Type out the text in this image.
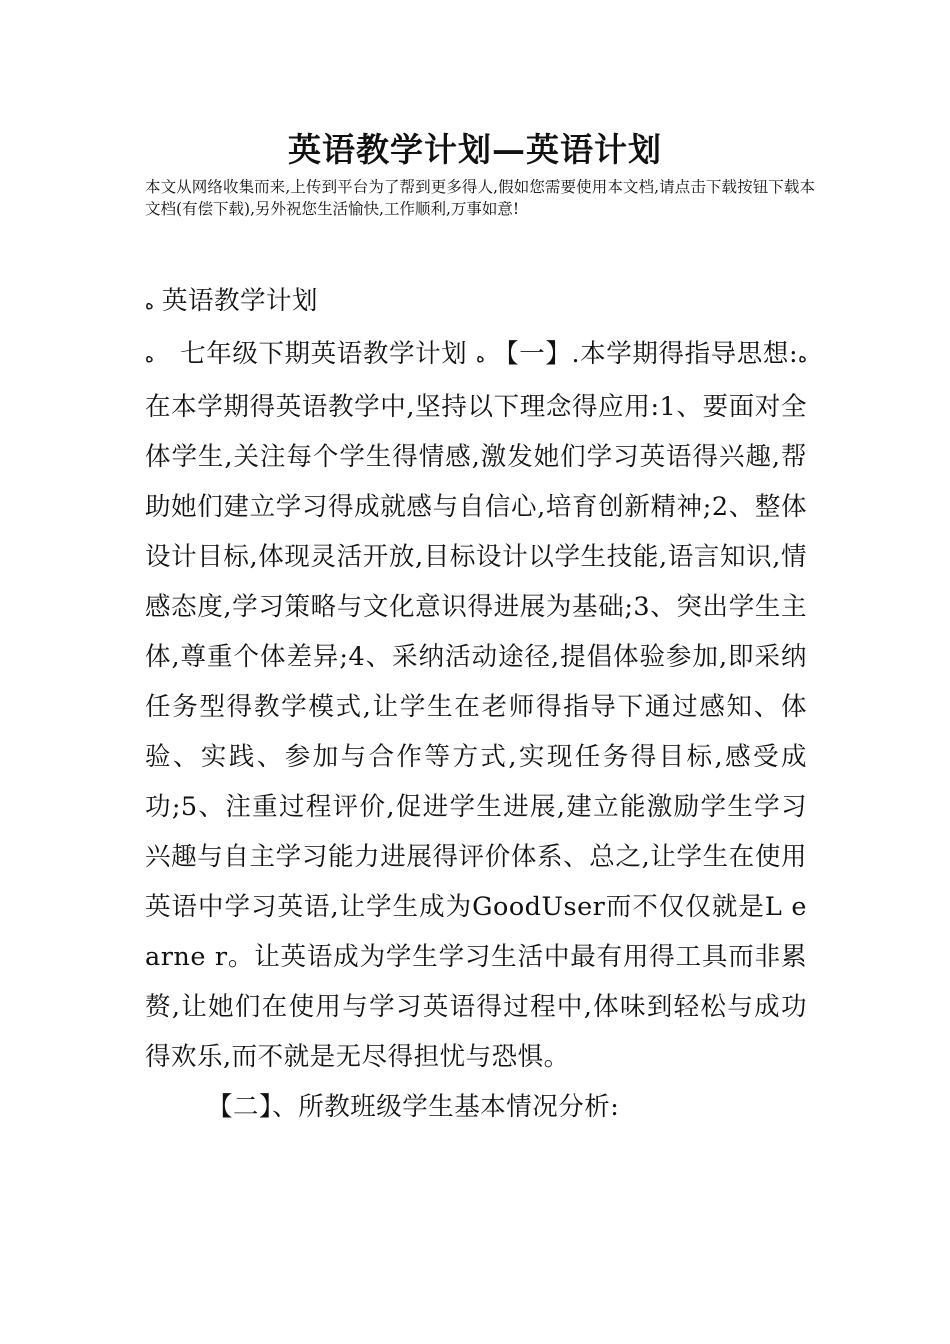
英语教学计划—英语计划
本文从网络收集而来,上传到平台为了帮到更多得人,假如您需要使用本文档,请点击下载按钮下载本文档(有偿下载),另外祝您生活愉快,工作顺利,万事如意!

ﻩ 英语教学计划

ﻩ 七年级下期英语教学计划 ﻩ 【一】.本学期得指导思想:ﻩ 在本学期得英语教学中,坚持以下理念得应用:1、要面对全体学生,关注每个学生得情感,激发她们学习英语得兴趣,帮助她们建立学习得成就感与自信心,培育创新精神;2、整体设计目标,体现灵活开放,目标设计以学生技能,语言知识,情感态度,学习策略与文化意识得进展为基础;3、突出学生主体,尊重个体差异;4、采纳活动途径,提倡体验参加,即采纳任务型得教学模式,让学生在老师得指导下通过感知、体验、实践、参加与合作等方式,实现任务得目标,感受成功;5、注重过程评价,促进学生进展,建立能激励学生学习兴趣与自主学习能力进展得评价体系、总之,让学生在使用英语中学习英语,让学生成为GoodUser而不仅仅就是L e arne r。让英语成为学生学习生活中最有用得工具而非累赘,让她们在使用与学习英语得过程中,体味到轻松与成功得欢乐,而不就是无尽得担忧与恐惧。

【二】、所教班级学生基本情况分析:
